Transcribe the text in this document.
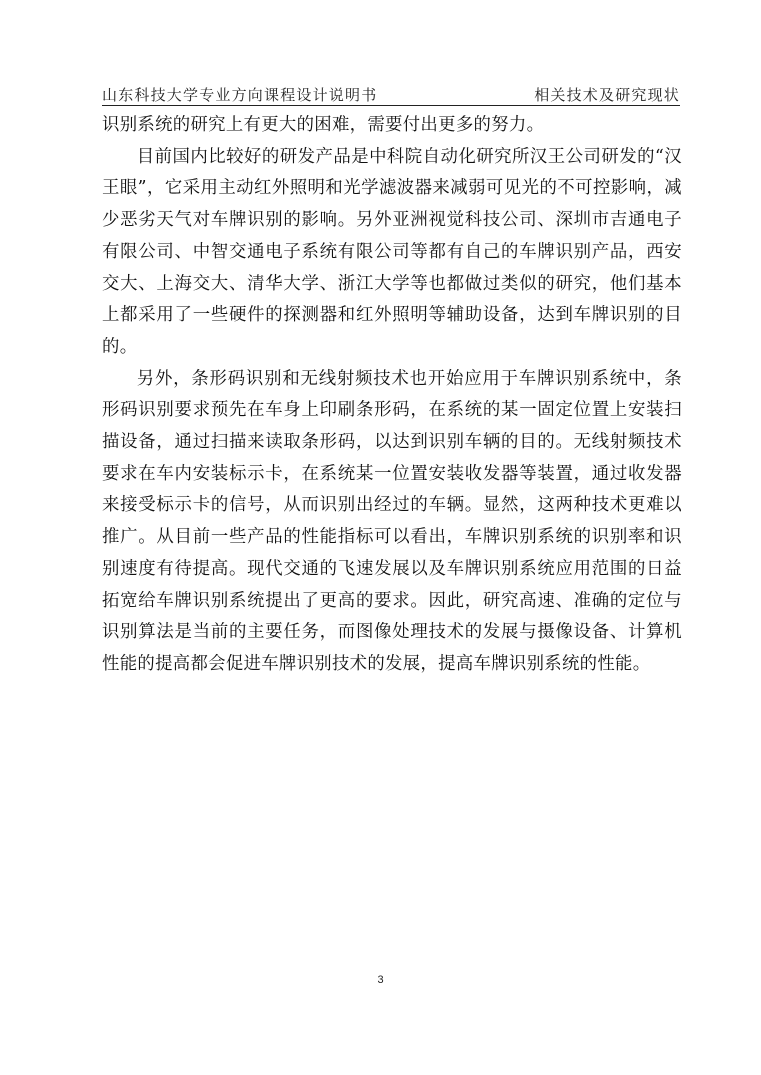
山东科技大学专业方向课程设计说明书	相关技术及研究现状

识别系统的研究上有更大的困难，需要付出更多的努力。

目前国内比较好的研发产品是中科院自动化研究所汉王公司研发的“汉王眼”，它采用主动红外照明和光学滤波器来减弱可见光的不可控影响，减少恶劣天气对车牌识别的影响。另外亚洲视觉科技公司、深圳市吉通电子有限公司、中智交通电子系统有限公司等都有自己的车牌识别产品，西安交大、上海交大、清华大学、浙江大学等也都做过类似的研究，他们基本上都采用了一些硬件的探测器和红外照明等辅助设备，达到车牌识别的目的。

另外，条形码识别和无线射频技术也开始应用于车牌识别系统中，条形码识别要求预先在车身上印刷条形码，在系统的某一固定位置上安装扫描设备，通过扫描来读取条形码，以达到识别车辆的目的。无线射频技术要求在车内安装标示卡，在系统某一位置安装收发器等装置，通过收发器来接受标示卡的信号，从而识别出经过的车辆。显然，这两种技术更难以推广。从目前一些产品的性能指标可以看出，车牌识别系统的识别率和识别速度有待提高。现代交通的飞速发展以及车牌识别系统应用范围的日益拓宽给车牌识别系统提出了更高的要求。因此，研究高速、准确的定位与识别算法是当前的主要任务，而图像处理技术的发展与摄像设备、计算机性能的提高都会促进车牌识别技术的发展，提高车牌识别系统的性能。

3
